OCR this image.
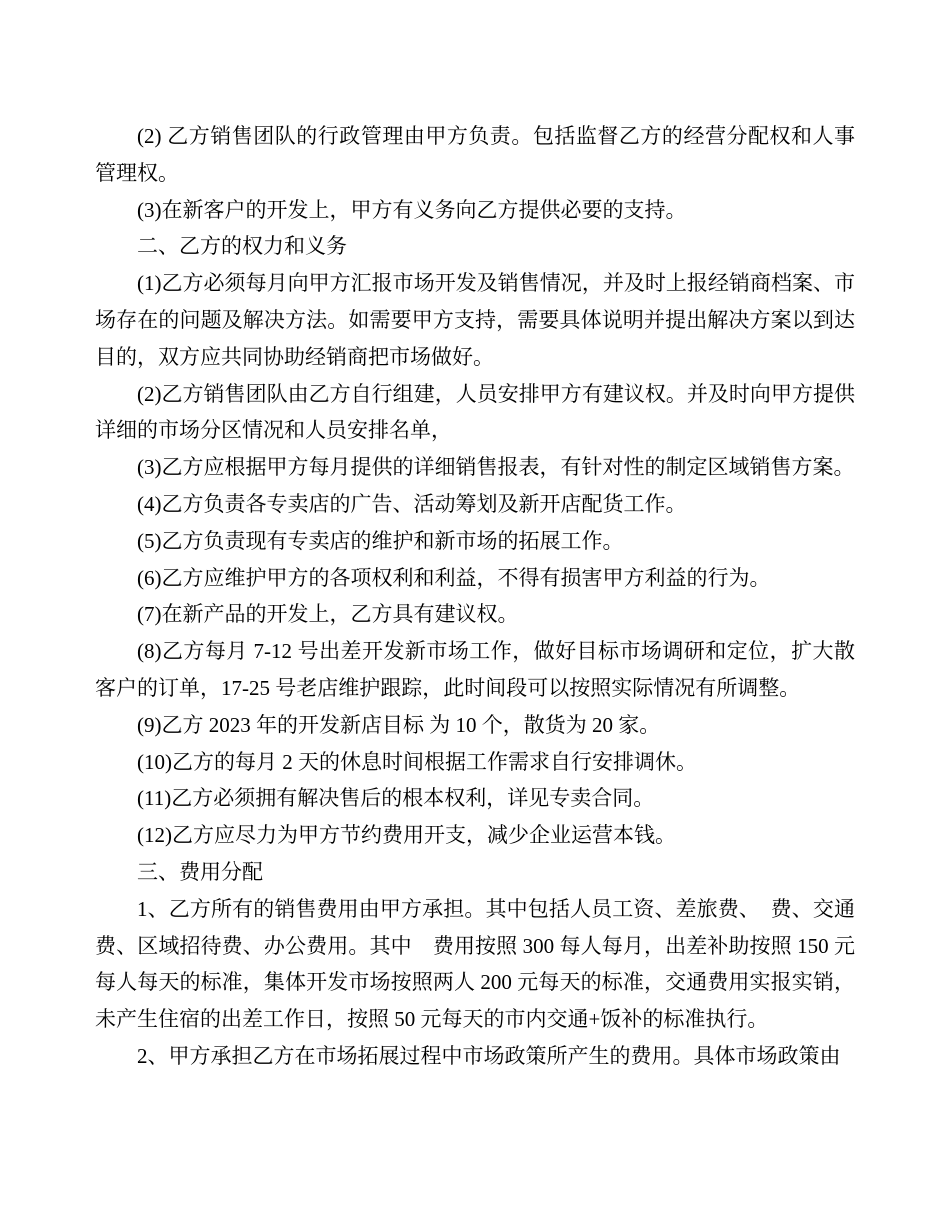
(2) 乙方销售团队的行政管理由甲方负责。包括监督乙方的经营分配权和人事管理权。

(3)在新客户的开发上，甲方有义务向乙方提供必要的支持。

二、乙方的权力和义务

(1)乙方必须每月向甲方汇报市场开发及销售情况，并及时上报经销商档案、市场存在的问题及解决方法。如需要甲方支持，需要具体说明并提出解决方案以到达目的，双方应共同协助经销商把市场做好。

(2)乙方销售团队由乙方自行组建，人员安排甲方有建议权。并及时向甲方提供详细的市场分区情况和人员安排名单，

(3)乙方应根据甲方每月提供的详细销售报表，有针对性的制定区域销售方案。

(4)乙方负责各专卖店的广告、活动筹划及新开店配货工作。

(5)乙方负责现有专卖店的维护和新市场的拓展工作。

(6)乙方应维护甲方的各项权利和利益，不得有损害甲方利益的行为。

(7)在新产品的开发上，乙方具有建议权。

(8)乙方每月 7-12 号出差开发新市场工作，做好目标市场调研和定位，扩大散客户的订单，17-25 号老店维护跟踪，此时间段可以按照实际情况有所调整。

(9)乙方 2023 年的开发新店目标 为 10 个，散货为 20 家。

(10)乙方的每月 2 天的休息时间根据工作需求自行安排调休。

(11)乙方必须拥有解决售后的根本权利，详见专卖合同。

(12)乙方应尽力为甲方节约费用开支，减少企业运营本钱。

三、费用分配

1、乙方所有的销售费用由甲方承担。其中包括人员工资、差旅费、　费、交通费、区域招待费、办公费用。其中　费用按照 300 每人每月，出差补助按照 150 元每人每天的标准，集体开发市场按照两人 200 元每天的标准，交通费用实报实销，未产生住宿的出差工作日，按照 50 元每天的市内交通+饭补的标准执行。

2、甲方承担乙方在市场拓展过程中市场政策所产生的费用。具体市场政策由
